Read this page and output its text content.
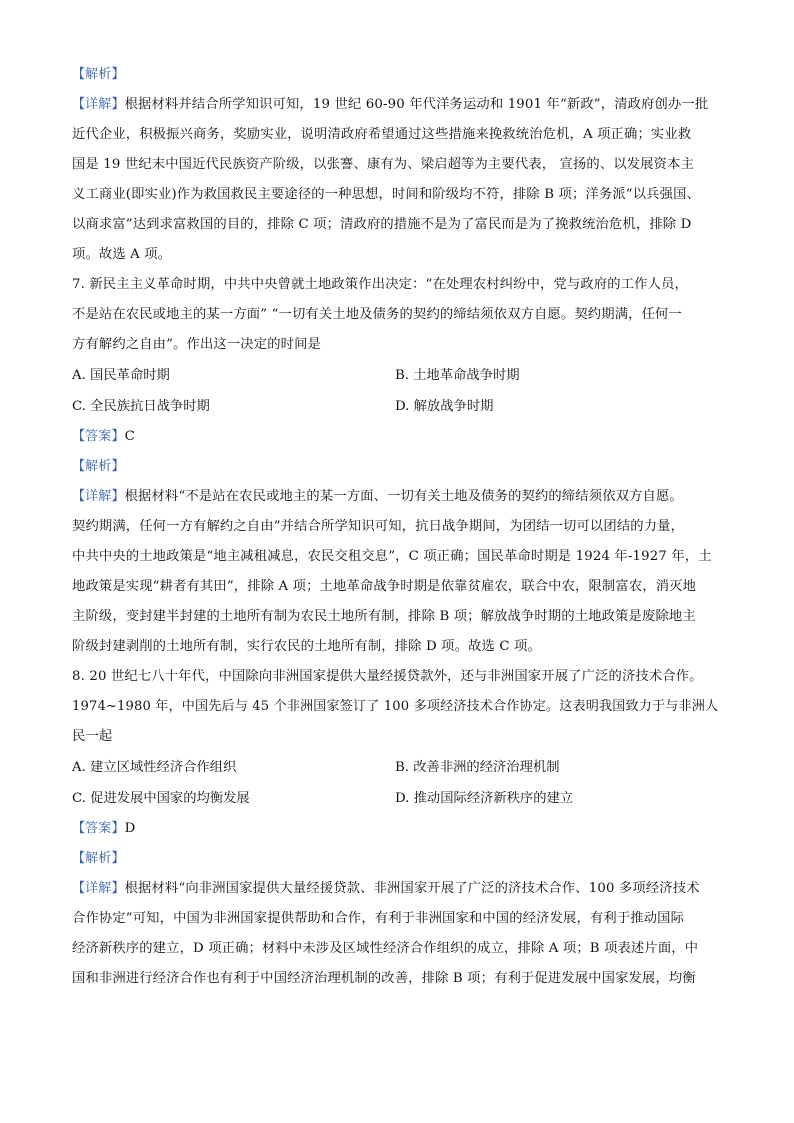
【解析】
【详解】根据材料并结合所学知识可知，19 世纪 60-90 年代洋务运动和 1901 年“新政”，清政府创办一批
近代企业，积极振兴商务，奖励实业，说明清政府希望通过这些措施来挽救统治危机，A 项正确；实业救
国是 19 世纪末中国近代民族资产阶级，以张謇、康有为、梁启超等为主要代表， 宣扬的、以发展资本主
义工商业(即实业)作为救国救民主要途径的一种思想，时间和阶级均不符，排除 B 项；洋务派“以兵强国、
以商求富”达到求富救国的目的，排除 C 项；清政府的措施不是为了富民而是为了挽救统治危机，排除 D
项。故选 A 项。
7. 新民主主义革命时期，中共中央曾就土地政策作出决定：“在处理农村纠纷中，党与政府的工作人员，
不是站在农民或地主的某一方面” “一切有关土地及债务的契约的缔结须依双方自愿。契约期满，任何一
方有解约之自由”。作出这一决定的时间是
A. 国民革命时期	B. 土地革命战争时期
C. 全民族抗日战争时期	D. 解放战争时期
【答案】C
【解析】
【详解】根据材料“不是站在农民或地主的某一方面、一切有关土地及债务的契约的缔结须依双方自愿。
契约期满，任何一方有解约之自由”并结合所学知识可知，抗日战争期间，为团结一切可以团结的力量，
中共中央的土地政策是“地主减租减息，农民交租交息”，C 项正确；国民革命时期是 1924 年-1927 年，土
地政策是实现“耕者有其田”，排除 A 项；土地革命战争时期是依靠贫雇农，联合中农，限制富农，消灭地
主阶级，变封建半封建的土地所有制为农民土地所有制，排除 B 项；解放战争时期的土地政策是废除地主
阶级封建剥削的土地所有制，实行农民的土地所有制，排除 D 项。故选 C 项。
8. 20 世纪七八十年代，中国除向非洲国家提供大量经援贷款外，还与非洲国家开展了广泛的济技术合作。
1974~1980 年，中国先后与 45 个非洲国家签订了 100 多项经济技术合作协定。这表明我国致力于与非洲人
民一起
A. 建立区域性经济合作组织	B. 改善非洲的经济治理机制
C. 促进发展中国家的均衡发展	D. 推动国际经济新秩序的建立
【答案】D
【解析】
【详解】根据材料“向非洲国家提供大量经援贷款、非洲国家开展了广泛的济技术合作、100 多项经济技术
合作协定”可知，中国为非洲国家提供帮助和合作，有利于非洲国家和中国的经济发展，有利于推动国际
经济新秩序的建立，D 项正确；材料中未涉及区域性经济合作组织的成立，排除 A 项；B 项表述片面，中
国和非洲进行经济合作也有利于中国经济治理机制的改善，排除 B 项；有利于促进发展中国家发展，均衡
